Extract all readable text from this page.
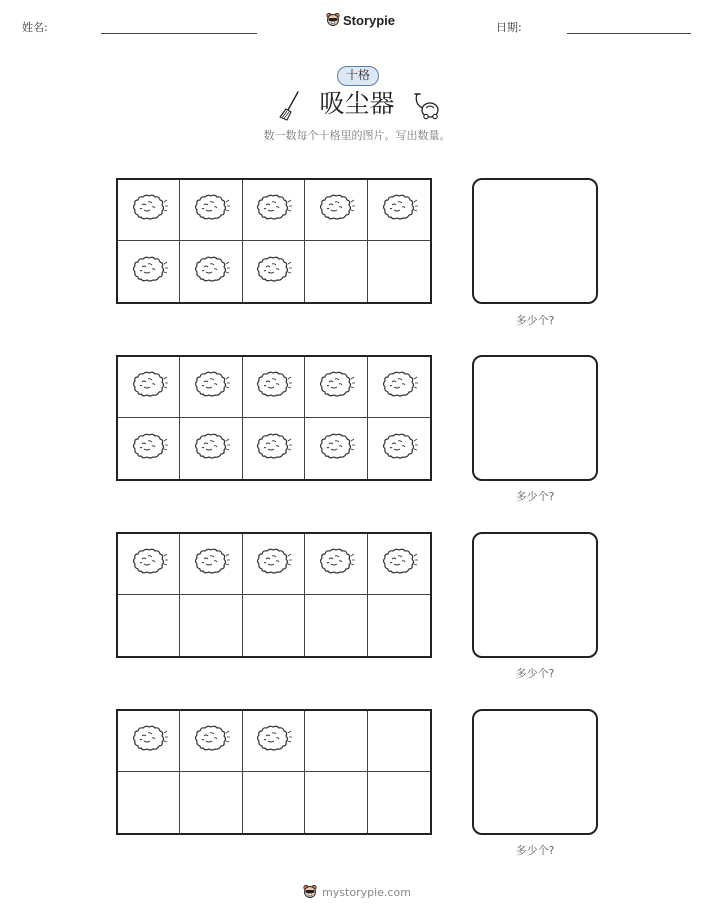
姓名:	Storypie	日期:
十格
吸尘器
数一数每个十格里的图片。写出数量。
多少个?
多少个?
多少个?
多少个?
mystorypie.com
